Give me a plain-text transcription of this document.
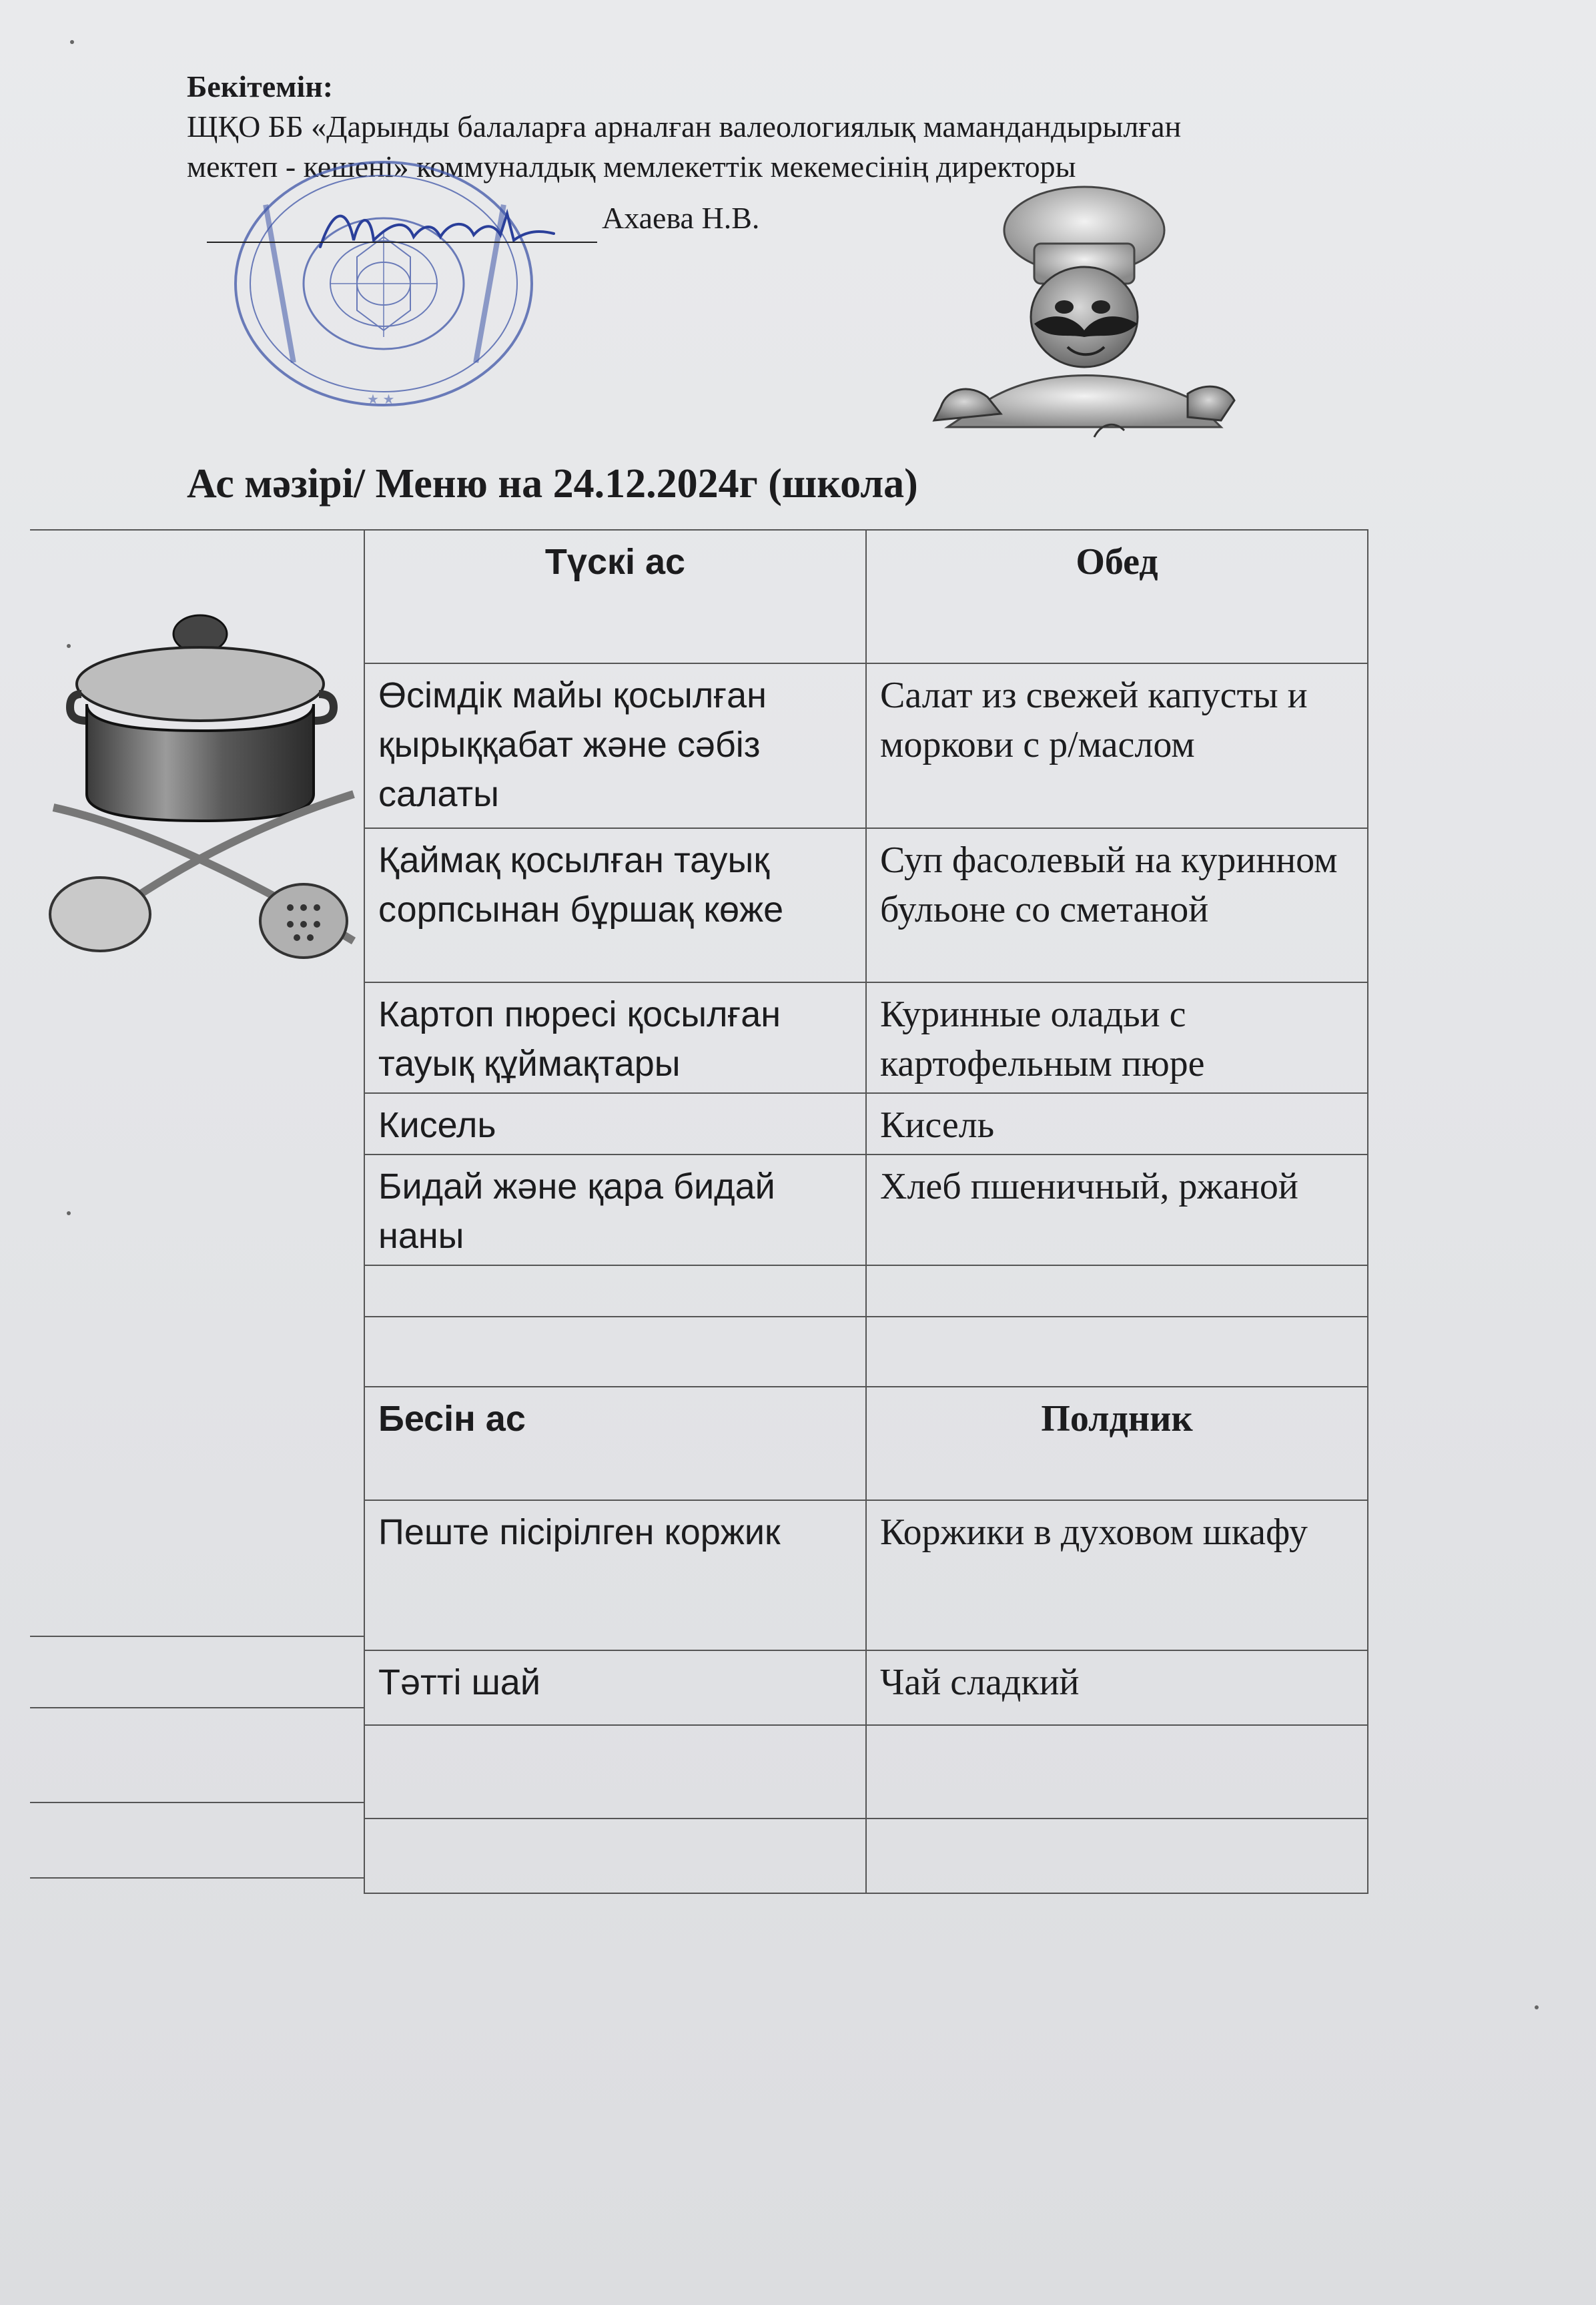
Бекітемін:
ЩҚО ББ «Дарынды балаларға арналған валеологиялық мамандандырылған
мектеп - кешені» коммуналдық мемлекеттік мекемесінің директоры
★ ★
Ахаева Н.В.
Ас мәзірі/ Меню на 24.12.2024г (школа)
Түскі ас	Обед
Өсімдік майы қосылған қырыққабат және сәбіз салаты	Салат из свежей капусты и моркови с р/маслом
Қаймақ қосылған тауық сорпсынан бұршақ көже	Суп фасолевый на куринном бульоне со сметаной
Картоп пюресі қосылған тауық құймақтары	Куринные оладьи с картофельным пюре
Кисель	Кисель
Бидай және қара бидай наны	Хлеб пшеничный, ржаной

Бесін ас	Полдник
Пеште пісірілген коржик	Коржики в духовом шкафу
Тәтті шай	Чай сладкий
